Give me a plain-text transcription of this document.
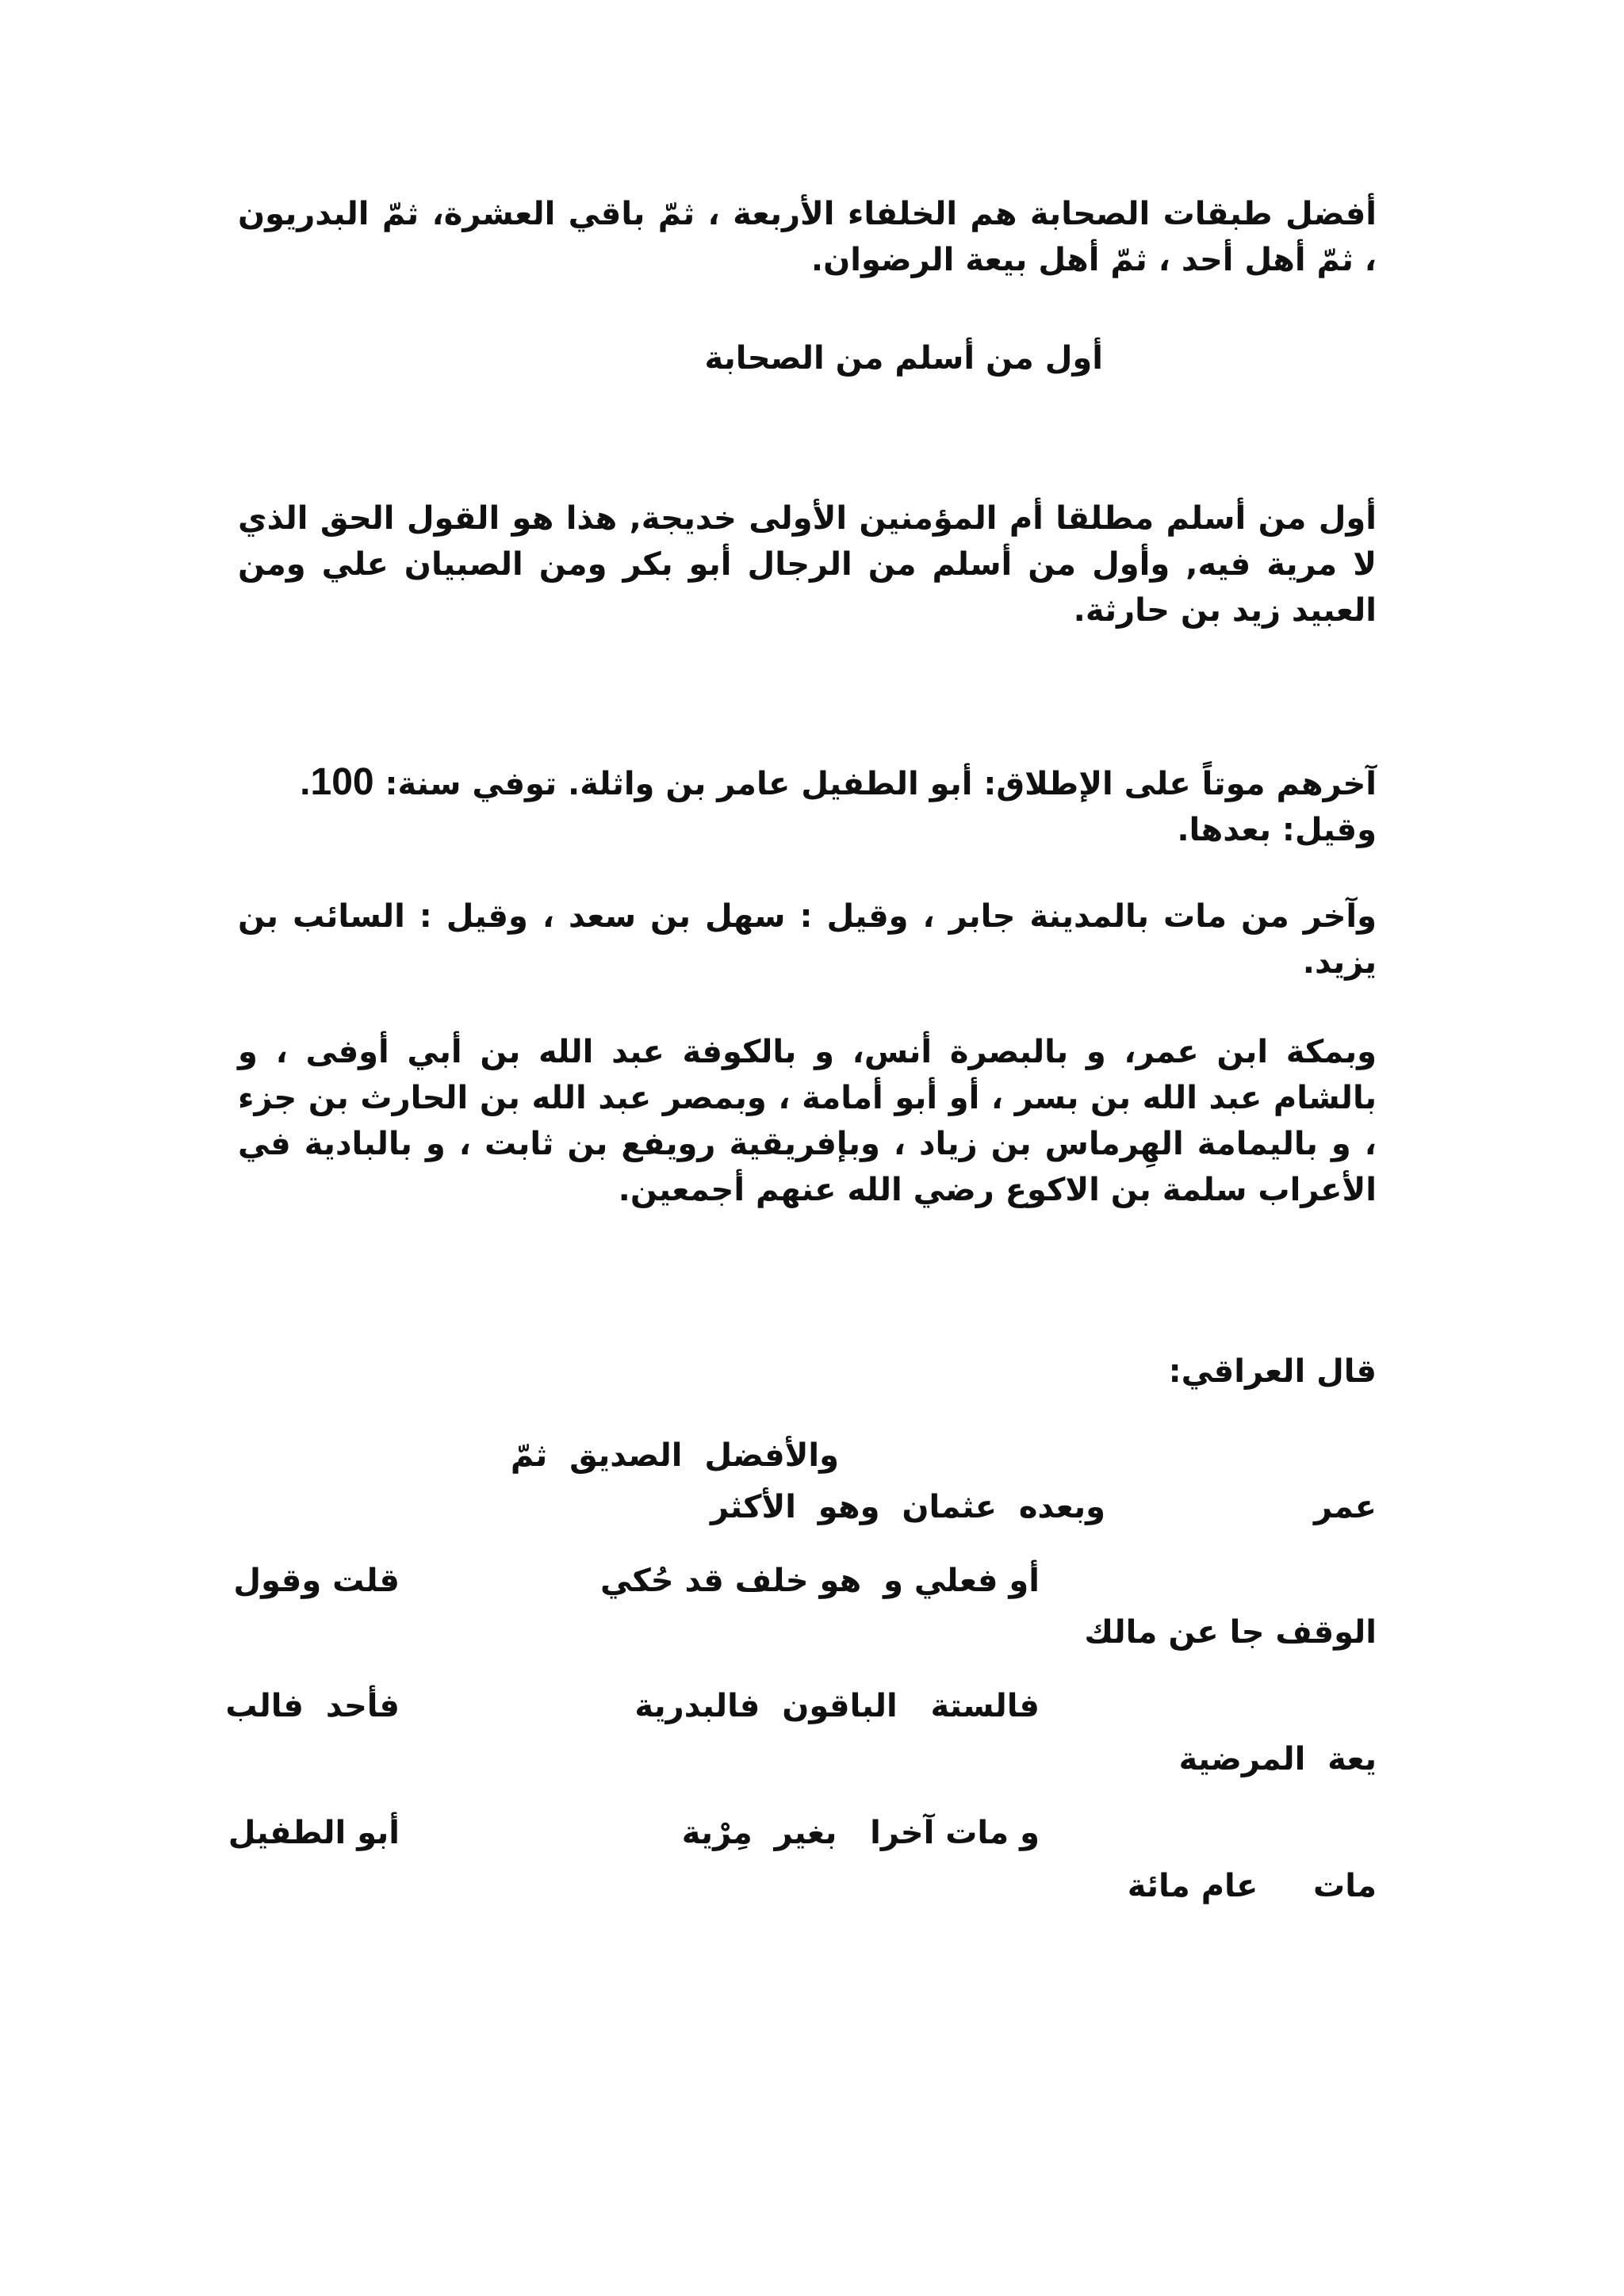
أفضل طبقات الصحابة هم الخلفاء الأربعة ، ثمّ باقي العشرة، ثمّ البدريون ، ثمّ أهل أحد ، ثمّ أهل بيعة الرضوان.

أول من أسلم من الصحابة

أول من أسلم مطلقا أم المؤمنين الأولى خديجة, هذا هو القول الحق الذي لا مرية فيه, وأول من أسلم من الرجال أبو بكر ومن الصبيان علي ومن العبيد زيد بن حارثة.

آخرهم موتاً على الإطلاق: أبو الطفيل عامر بن واثلة. توفي سنة: 100.
وقيل: بعدها.

وآخر من مات بالمدينة جابر ، وقيل : سهل بن سعد ، وقيل : السائب بن يزيد.

وبمكة ابن عمر، و بالبصرة أنس، و بالكوفة عبد الله بن أبي أوفى ، و بالشام عبد الله بن بسر ، أو أبو أمامة ، وبمصر عبد الله بن الحارث بن جزء ، و باليمامة الهِرماس بن زياد ، وبإفريقية رويفع بن ثابت ، و بالبادية في الأعراب سلمة بن الاكوع رضي الله عنهم أجمعين.

قال العراقي:

والأفضل  الصديق  ثمّ
عمر
وبعده  عثمان  وهو  الأكثر
أو فعلي و  هو خلف قد حُكي
قلت وقول
الوقف جا عن مالك
فالستة   الباقون  فالبدرية
فأحد  فالب
يعة  المرضية
و مات آخرا   بغير  مِرْية
أبو الطفيل
مات     عام مائة
